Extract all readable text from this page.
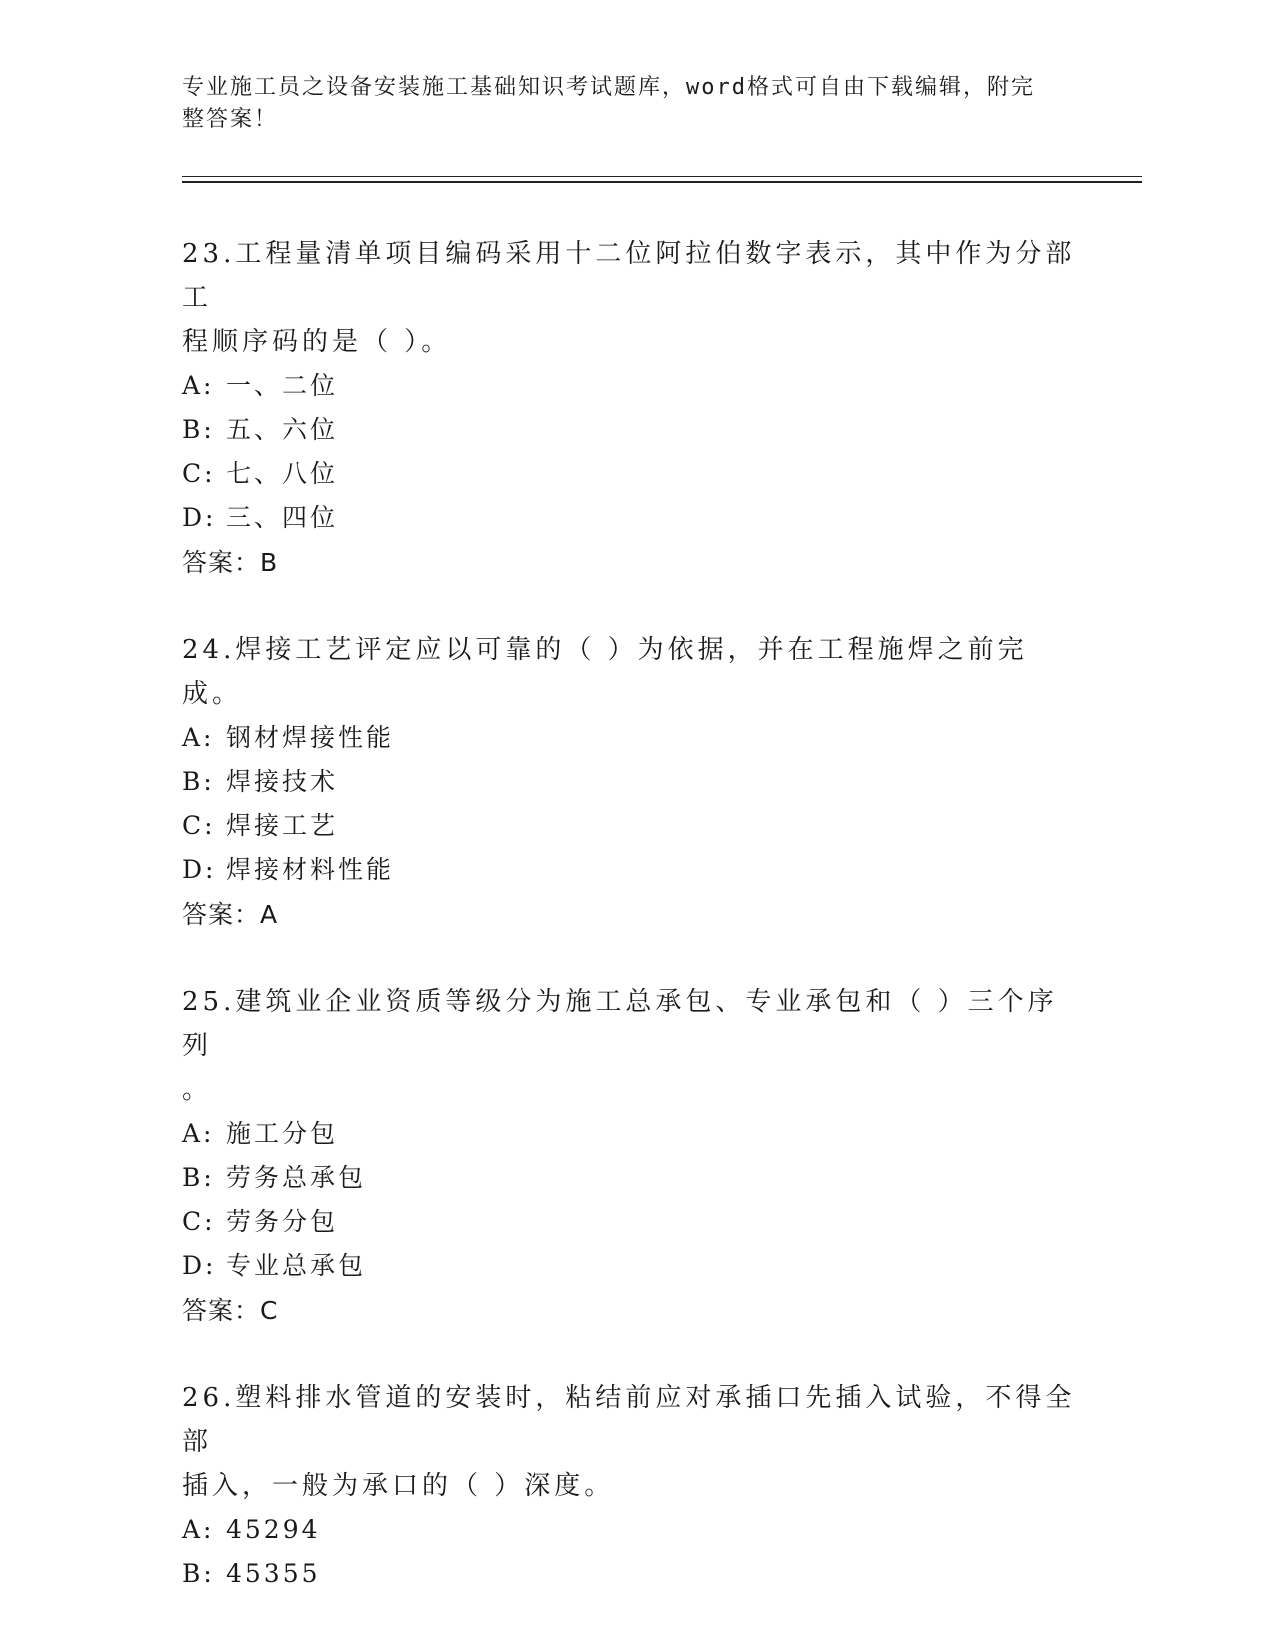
专业施工员之设备安装施工基础知识考试题库，word格式可自由下载编辑，附完
整答案！

23.工程量清单项目编码采用十二位阿拉伯数字表示，其中作为分部工

程顺序码的是（ ）。

A: 一、二位

B: 五、六位

C: 七、八位

D: 三、四位

答案：B

24.焊接工艺评定应以可靠的（ ）为依据，并在工程施焊之前完成。

A: 钢材焊接性能

B: 焊接技术

C: 焊接工艺

D: 焊接材料性能

答案：A

25.建筑业企业资质等级分为施工总承包、专业承包和（ ）三个序列

。

A: 施工分包

B: 劳务总承包

C: 劳务分包

D: 专业总承包

答案：C

26.塑料排水管道的安装时，粘结前应对承插口先插入试验，不得全部

插入，一般为承口的（ ）深度。

A: 45294

B: 45355
